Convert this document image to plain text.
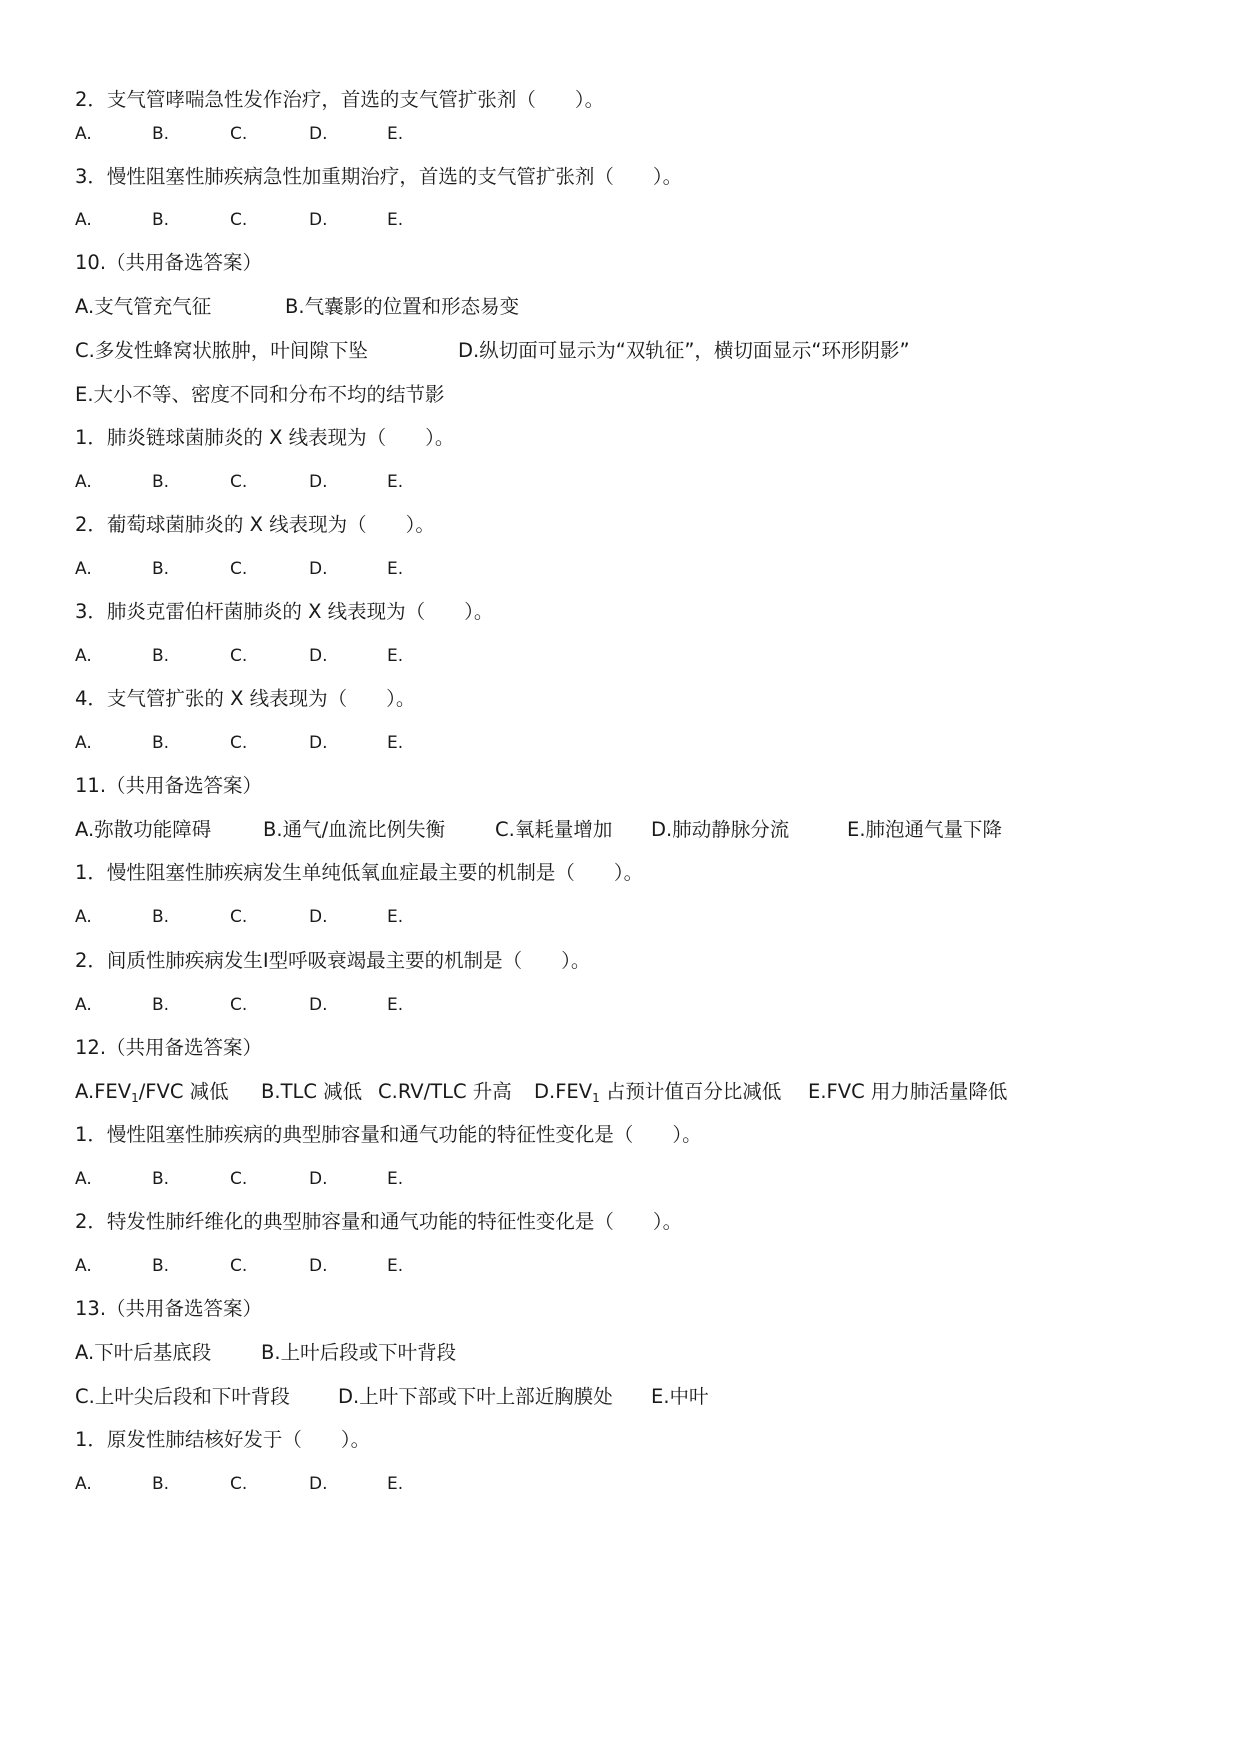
2．支气管哮喘急性发作治疗，首选的支气管扩张剂（　　）。
A.	B.	C.	D.	E.
3．慢性阻塞性肺疾病急性加重期治疗，首选的支气管扩张剂（　　）。
A.	B.	C.	D.	E.
10.（共用备选答案）
A.支气管充气征	B.气囊影的位置和形态易变
C.多发性蜂窝状脓肿，叶间隙下坠	D.纵切面可显示为“双轨征”，横切面显示“环形阴影”
E.大小不等、密度不同和分布不均的结节影
1．肺炎链球菌肺炎的 X 线表现为（　　）。
A.	B.	C.	D.	E.
2．葡萄球菌肺炎的 X 线表现为（　　）。
A.	B.	C.	D.	E.
3．肺炎克雷伯杆菌肺炎的 X 线表现为（　　）。
A.	B.	C.	D.	E.
4．支气管扩张的 X 线表现为（　　）。
A.	B.	C.	D.	E.
11.（共用备选答案）
A.弥散功能障碍	B.通气/血流比例失衡	C.氧耗量增加 D.肺动静脉分流	E.肺泡通气量下降
1．慢性阻塞性肺疾病发生单纯低氧血症最主要的机制是（　　）。
A.	B.	C.	D.	E.
2．间质性肺疾病发生Ⅰ型呼吸衰竭最主要的机制是（　　）。
A.	B.	C.	D.	E.
12.（共用备选答案）
$A.FEV_1$/FVC 减低 B.TLC 减低 C.RV/TLC 升高 $D.FEV_1$ 占预计值百分比减低 E.FVC 用力肺活量降低
1．慢性阻塞性肺疾病的典型肺容量和通气功能的特征性变化是（　　）。
A.	B.	C.	D.	E.
2．特发性肺纤维化的典型肺容量和通气功能的特征性变化是（　　）。
A.	B.	C.	D.	E.
13.（共用备选答案）
A.下叶后基底段	B.上叶后段或下叶背段
C.上叶尖后段和下叶背段 D.上叶下部或下叶上部近胸膜处 E.中叶
1．原发性肺结核好发于（　　）。
A.	B.	C.	D.	E.
